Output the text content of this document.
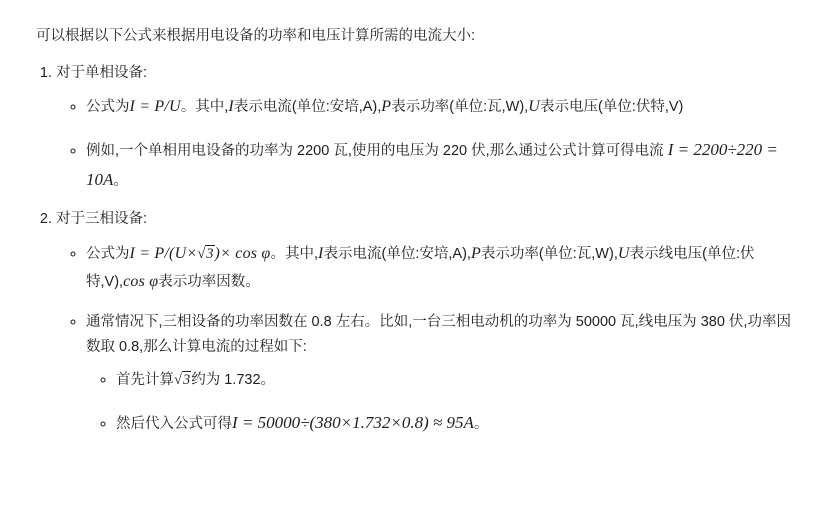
可以根据以下公式来根据用电设备的功率和电压计算所需的电流大小:

1. 对于单相设备:
◦ 公式为I = P/U。其中,I表示电流(单位:安培,A),P表示功率(单位:瓦,W),U表示电压(单位:伏特,V)
◦ 例如,一个单相用电设备的功率为 2200 瓦,使用的电压为 220 伏,那么通过公式计算可得电流 I = 2200÷220 = 10A。
2. 对于三相设备:
◦ 公式为I = P/(U×√3)× cos φ。其中,I表示电流(单位:安培,A),P表示功率(单位:瓦,W),U表示线电压(单位:伏特,V),cos φ表示功率因数。
◦ 通常情况下,三相设备的功率因数在 0.8 左右。比如,一台三相电动机的功率为 50000 瓦,线电压为 380 伏,功率因数取 0.8,那么计算电流的过程如下:
◦ 首先计算√3约为 1.732。
◦ 然后代入公式可得I = 50000÷(380×1.732×0.8) ≈ 95A。
